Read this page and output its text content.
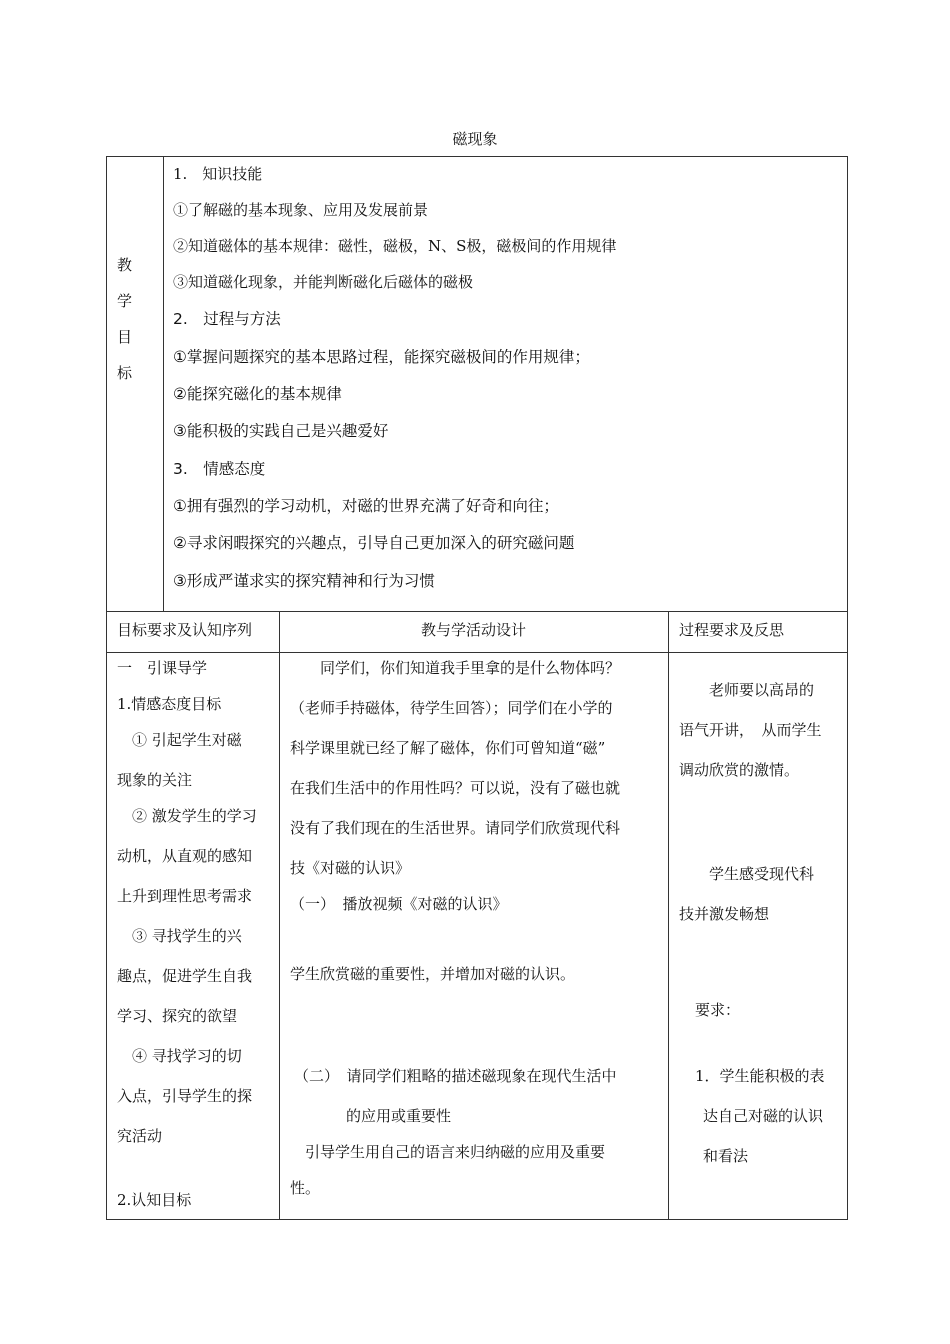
磁现象
教
学
目
标
1.　知识技能
①了解磁的基本现象、应用及发展前景
②知道磁体的基本规律：磁性，磁极，N、S极，磁极间的作用规律
③知道磁化现象，并能判断磁化后磁体的磁极
2.　过程与方法
①掌握问题探究的基本思路过程，能探究磁极间的作用规律；
②能探究磁化的基本规律
③能积极的实践自己是兴趣爱好
3.　情感态度
①拥有强烈的学习动机，对磁的世界充满了好奇和向往；
②寻求闲暇探究的兴趣点，引导自己更加深入的研究磁问题
③形成严谨求实的探究精神和行为习惯
目标要求及认知序列	教与学活动设计	过程要求及反思
一　引课导学
1.情感态度目标
　① 引起学生对磁
现象的关注
　② 激发学生的学习
动机，从直观的感知
上升到理性思考需求
　③ 寻找学生的兴
趣点，促进学生自我
学习、探究的欲望
　④ 寻找学习的切
入点，引导学生的探
究活动
2.认知目标
　　同学们，你们知道我手里拿的是什么物体吗？
（老师手持磁体，待学生回答）；同学们在小学的
科学课里就已经了解了磁体，你们可曾知道“磁”
在我们生活中的作用性吗？可以说，没有了磁也就
没有了我们现在的生活世界。请同学们欣赏现代科
技《对磁的认识》
（一）　播放视频《对磁的认识》
学生欣赏磁的重要性，并增加对磁的认识。
（二）　请同学们粗略的描述磁现象在现代生活中
的应用或重要性
　引导学生用自己的语言来归纳磁的应用及重要
性。
　　老师要以高昂的
语气开讲，　从而学生
调动欣赏的激情。
　　学生感受现代科
技并激发畅想
要求：
1．学生能积极的表
达自己对磁的认识
和看法
